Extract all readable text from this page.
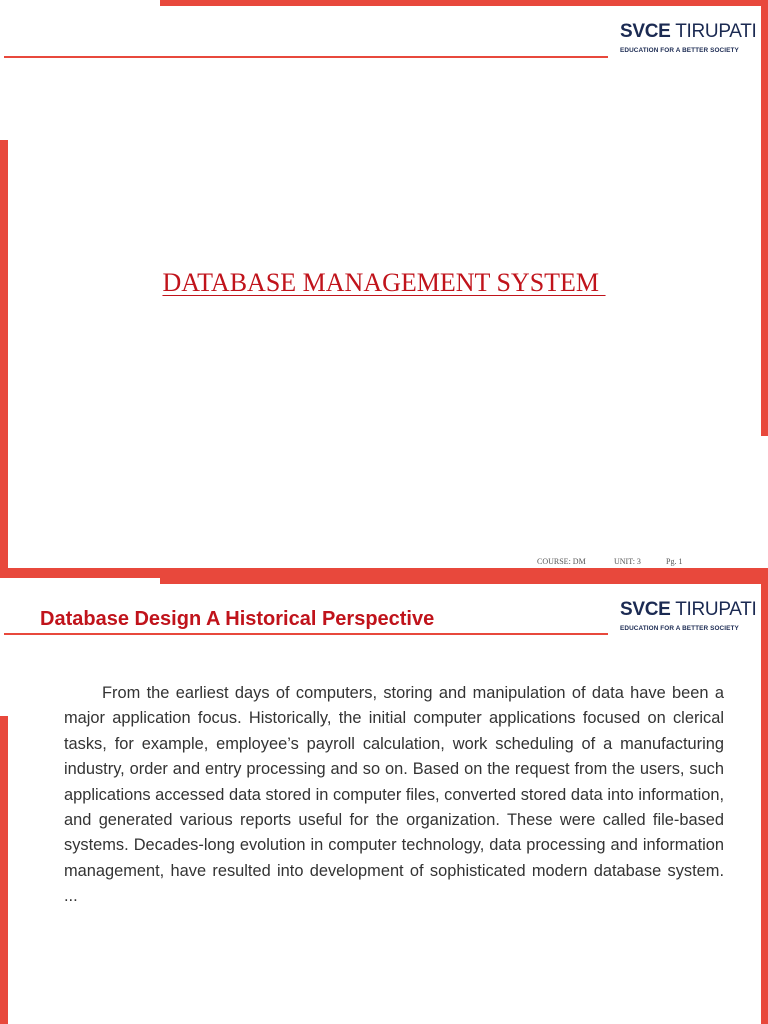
SVCE TIRUPATI
EDUCATION FOR A BETTER SOCIETY
DATABASE MANAGEMENT SYSTEM
COURSE: DM	UNIT: 3	Pg. 1
Database Design A Historical Perspective	SVCE TIRUPATI
EDUCATION FOR A BETTER SOCIETY

From the earliest days of computers, storing and manipulation of data have been a major application focus. Historically, the initial computer applications focused on clerical tasks, for example, employee’s payroll calculation, work scheduling of a manufacturing industry, order and entry processing and so on. Based on the request from the users, such applications accessed data stored in computer files, converted stored data into information, and generated various reports useful for the organization. These were called file-based systems. Decades-long evolution in computer technology, data processing and information management, have resulted into development of sophisticated modern database system. ...
